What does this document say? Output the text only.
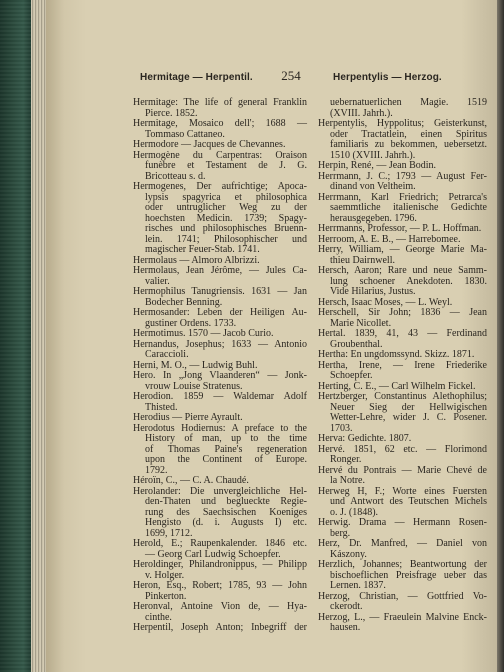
Hermitage — Herpentil.	254	Herpentylis — Herzog.
Hermitage: The life of general Franklin
Pierce. 1852.
Hermitage, Mosaico dell'; 1688 —
Tommaso Cattaneo.
Hermodore — Jacques de Chevannes.
Hermogène du Carpentras: Oraison
funèbre et Testament de J. G.
Bricotteau s. d.
Hermogenes, Der aufrichtige; Apoca-
lypsis spagyrica et philosophica
oder untruglicher Weg zu der
hoechsten Medicin. 1739; Spagy-
risches und philosophisches Bruenn-
lein. 1741; Philosophischer und
magischer Feuer-Stab. 1741.
Hermolaus — Almoro Albrizzi.
Hermolaus, Jean Jérôme, — Jules Ca-
valier.
Hermophilus Tanugriensis. 1631 — Jan
Bodecher Benning.
Hermosander: Leben der Heiligen Au-
gustiner Ordens. 1733.
Hermotimus. 1570 — Jacob Curio.
Hernandus, Josephus; 1633 — Antonio
Caraccioli.
Herni, M. O., — Ludwig Buhl.
Hero. In „Jong Vlaanderen“ — Jonk-
vrouw Louise Stratenus.
Herodion. 1859 — Waldemar Adolf
Thisted.
Herodius — Pierre Ayrault.
Herodotus Hodiernus: A preface to the
History of man, up to the time
of Thomas Paine's regeneration
upon the Continent of Europe.
1792.
Héroïn, C., — C. A. Chaudé.
Herolander: Die unvergleichliche Hel-
den-Thaten und beglueckte Regie-
rung des Saechsischen Koeniges
Hengisto (d. i. Augusts I) etc.
1699, 1712.
Herold, E.; Raupenkalender. 1846 etc.
— Georg Carl Ludwig Schoepfer.
Heroldinger, Philandronippus, — Philipp
v. Holger.
Heron, Esq., Robert; 1785, 93 — John
Pinkerton.
Heronval, Antoine Vion de, — Hya-
cinthe.
Herpentil, Joseph Anton; Inbegriff der
uebernatuerlichen Magie. 1519
(XVIII. Jahrh.).
Herpentylis, Hyppolitus; Geisterkunst,
oder Tractatlein, einen Spiritus
familiaris zu bekommen, uebersetzt.
1510 (XVIII. Jahrh.).
Herpin, René, — Jean Bodin.
Herrmann, J. C.; 1793 — August Fer-
dinand von Veltheim.
Herrmann, Karl Friedrich; Petrarca's
saemmtliche italienische Gedichte
herausgegeben. 1796.
Herrmanns, Professor, — P. L. Hoffman.
Herroom, A. E. B., — Harrebomee.
Herry, William, — George Marie Ma-
thieu Dairnwell.
Hersch, Aaron; Rare und neue Samm-
lung schoener Anekdoten. 1830.
Vide Hilarius, Justus.
Hersch, Isaac Moses, — L. Weyl.
Herschell, Sir John; 1836 — Jean
Marie Nicollet.
Hertal. 1839, 41, 43 — Ferdinand
Groubenthal.
Hertha: En ungdomssynd. Skizz. 1871.
Hertha, Irene, — Irene Friederike
Schoepfer.
Herting, C. E., — Carl Wilhelm Fickel.
Hertzberger, Constantinus Alethophilus;
Neuer Sieg der Hellwigischen
Wetter-Lehre, wider J. C. Posener.
1703.
Herva: Gedichte. 1807.
Hervé. 1851, 62 etc. — Florimond
Ronger.
Hervé du Pontrais — Marie Chevé de
la Notre.
Herweg H, F.; Worte eines Fuersten
und Antwort des Teutschen Michels
o. J. (1848).
Herwig. Drama — Hermann Rosen-
berg.
Herz, Dr. Manfred, — Daniel von
Kászony.
Herzlich, Johannes; Beantwortung der
bischoeflichen Preisfrage ueber das
Lernen. 1837.
Herzog, Christian, — Gottfried Vo-
ckerodt.
Herzog, L., — Fraeulein Malvine Enck-
hausen.
